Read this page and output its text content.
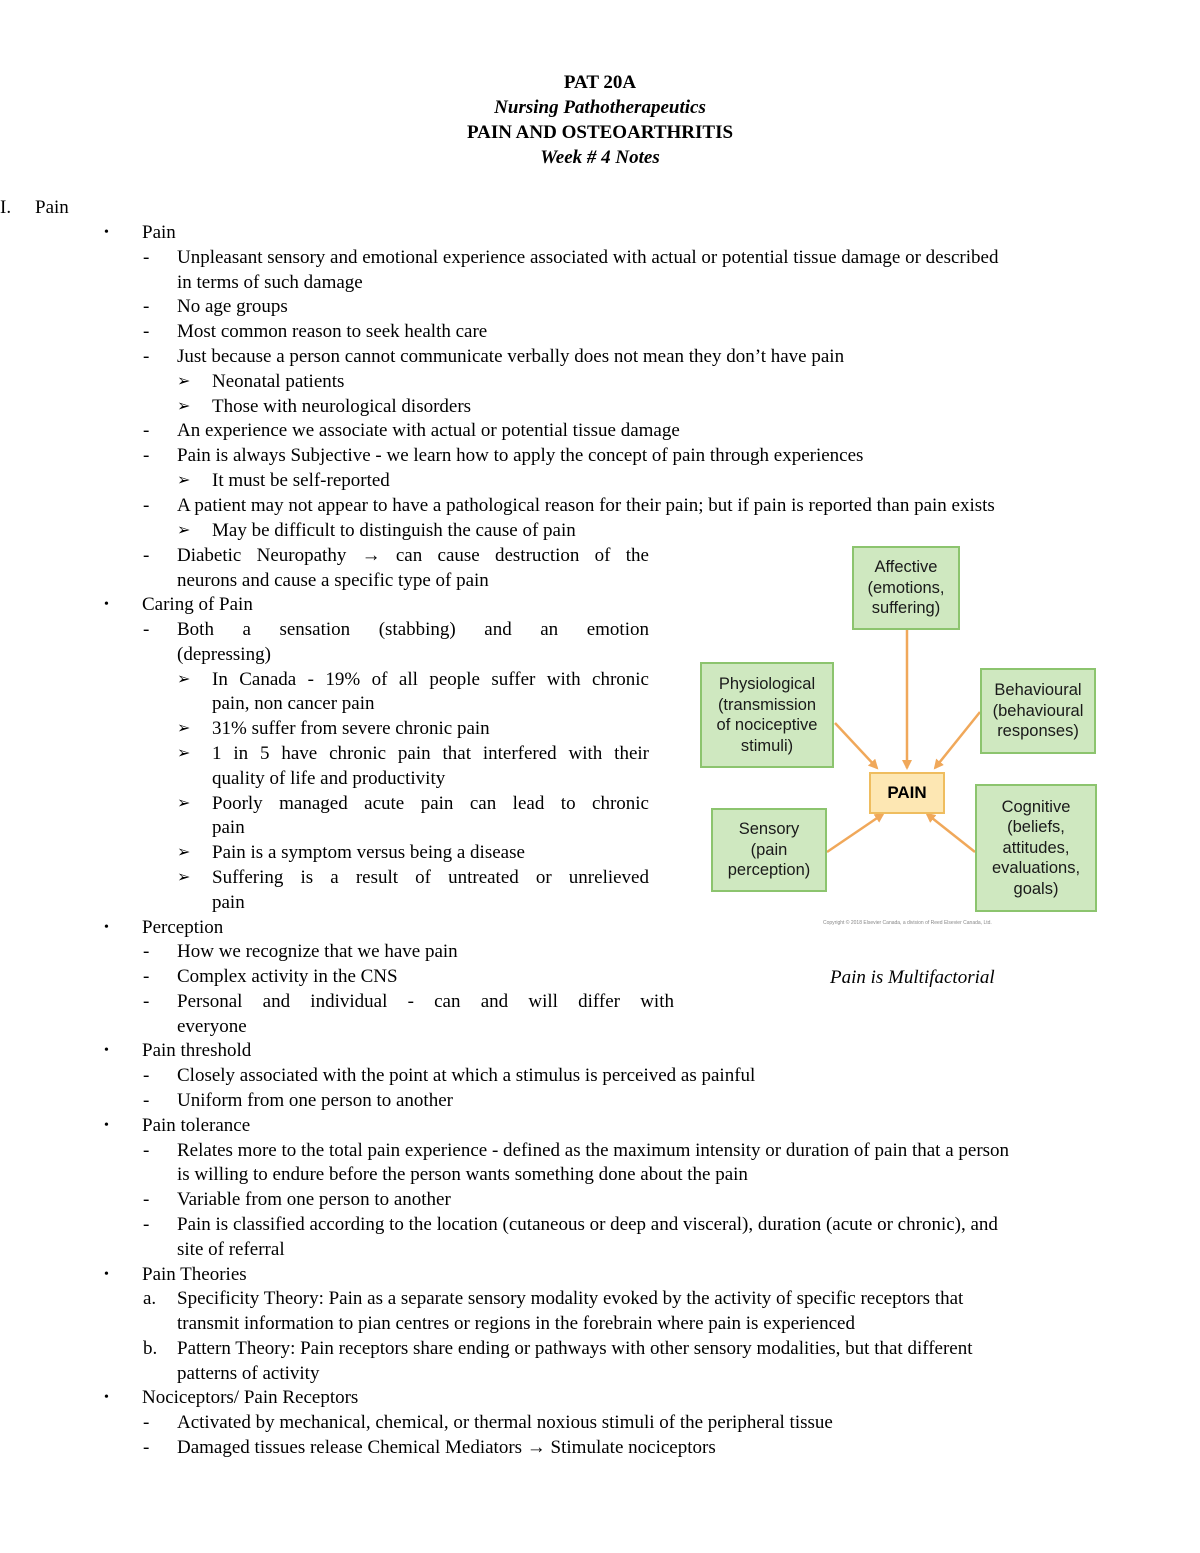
PAT 20A
Nursing Pathotherapeutics
PAIN AND OSTEOARTHRITIS
Week # 4 Notes
I. Pain
• Pain
- Unpleasant sensory and emotional experience associated with actual or potential tissue damage or described
in terms of such damage
- No age groups
- Most common reason to seek health care
- Just because a person cannot communicate verbally does not mean they don’t have pain
➢ Neonatal patients
➢ Those with neurological disorders
- An experience we associate with actual or potential tissue damage
- Pain is always Subjective - we learn how to apply the concept of pain through experiences
➢ It must be self-reported
- A patient may not appear to have a pathological reason for their pain; but if pain is reported than pain exists
➢ May be difficult to distinguish the cause of pain
- Diabetic Neuropathy → can cause destruction of the
neurons and cause a specific type of pain
• Caring of Pain
- Both a sensation (stabbing) and an emotion
(depressing)
➢ In Canada - 19% of all people suffer with chronic
pain, non cancer pain
➢ 31% suffer from severe chronic pain
➢ 1 in 5 have chronic pain that interfered with their
quality of life and productivity
➢ Poorly managed acute pain can lead to chronic
pain
➢ Pain is a symptom versus being a disease
➢ Suffering is a result of untreated or unrelieved
pain
• Perception
- How we recognize that we have pain
- Complex activity in the CNS
- Personal and individual - can and will differ with
everyone
• Pain threshold
- Closely associated with the point at which a stimulus is perceived as painful
- Uniform from one person to another
• Pain tolerance
- Relates more to the total pain experience - defined as the maximum intensity or duration of pain that a person
is willing to endure before the person wants something done about the pain
- Variable from one person to another
- Pain is classified according to the location (cutaneous or deep and visceral), duration (acute or chronic), and
site of referral
• Pain Theories
a. Specificity Theory: Pain as a separate sensory modality evoked by the activity of specific receptors that
transmit information to pian centres or regions in the forebrain where pain is experienced
b. Pattern Theory: Pain receptors share ending or pathways with other sensory modalities, but that different
patterns of activity
• Nociceptors/ Pain Receptors
- Activated by mechanical, chemical, or thermal noxious stimuli of the peripheral tissue
- Damaged tissues release Chemical Mediators → Stimulate nociceptors
Affective
(emotions,
suffering)
Physiological
(transmission
of nociceptive
stimuli)
Behavioural
(behavioural
responses)
PAIN
Sensory
(pain
perception)
Cognitive
(beliefs,
attitudes,
evaluations,
goals)
Copyright © 2018 Elsevier Canada, a division of Reed Elsevier Canada, Ltd.
Pain is Multifactorial
